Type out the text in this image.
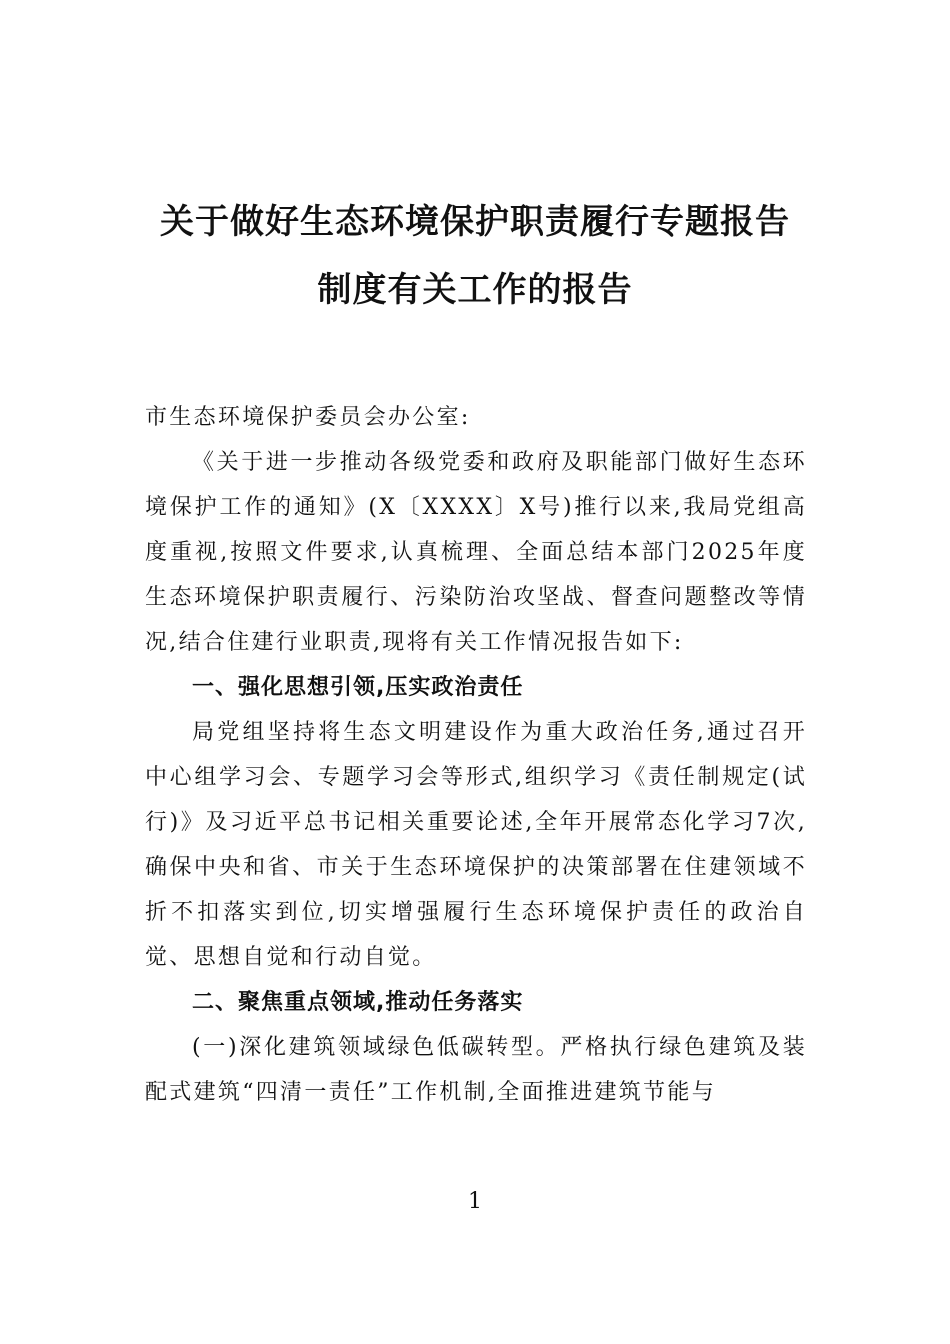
关于做好生态环境保护职责履行专题报告
制度有关工作的报告

市生态环境保护委员会办公室:

《关于进一步推动各级党委和政府及职能部门做好生态环境保护工作的通知》(X〔XXXX〕X号)推行以来,我局党组高度重视,按照文件要求,认真梳理、全面总结本部门2025年度生态环境保护职责履行、污染防治攻坚战、督查问题整改等情况,结合住建行业职责,现将有关工作情况报告如下:

一、强化思想引领,压实政治责任

局党组坚持将生态文明建设作为重大政治任务,通过召开中心组学习会、专题学习会等形式,组织学习《责任制规定(试行)》及习近平总书记相关重要论述,全年开展常态化学习7次,确保中央和省、市关于生态环境保护的决策部署在住建领域不折不扣落实到位,切实增强履行生态环境保护责任的政治自觉、思想自觉和行动自觉。

二、聚焦重点领域,推动任务落实

(一)深化建筑领域绿色低碳转型。严格执行绿色建筑及装配式建筑“四清一责任”工作机制,全面推进建筑节能与

1
